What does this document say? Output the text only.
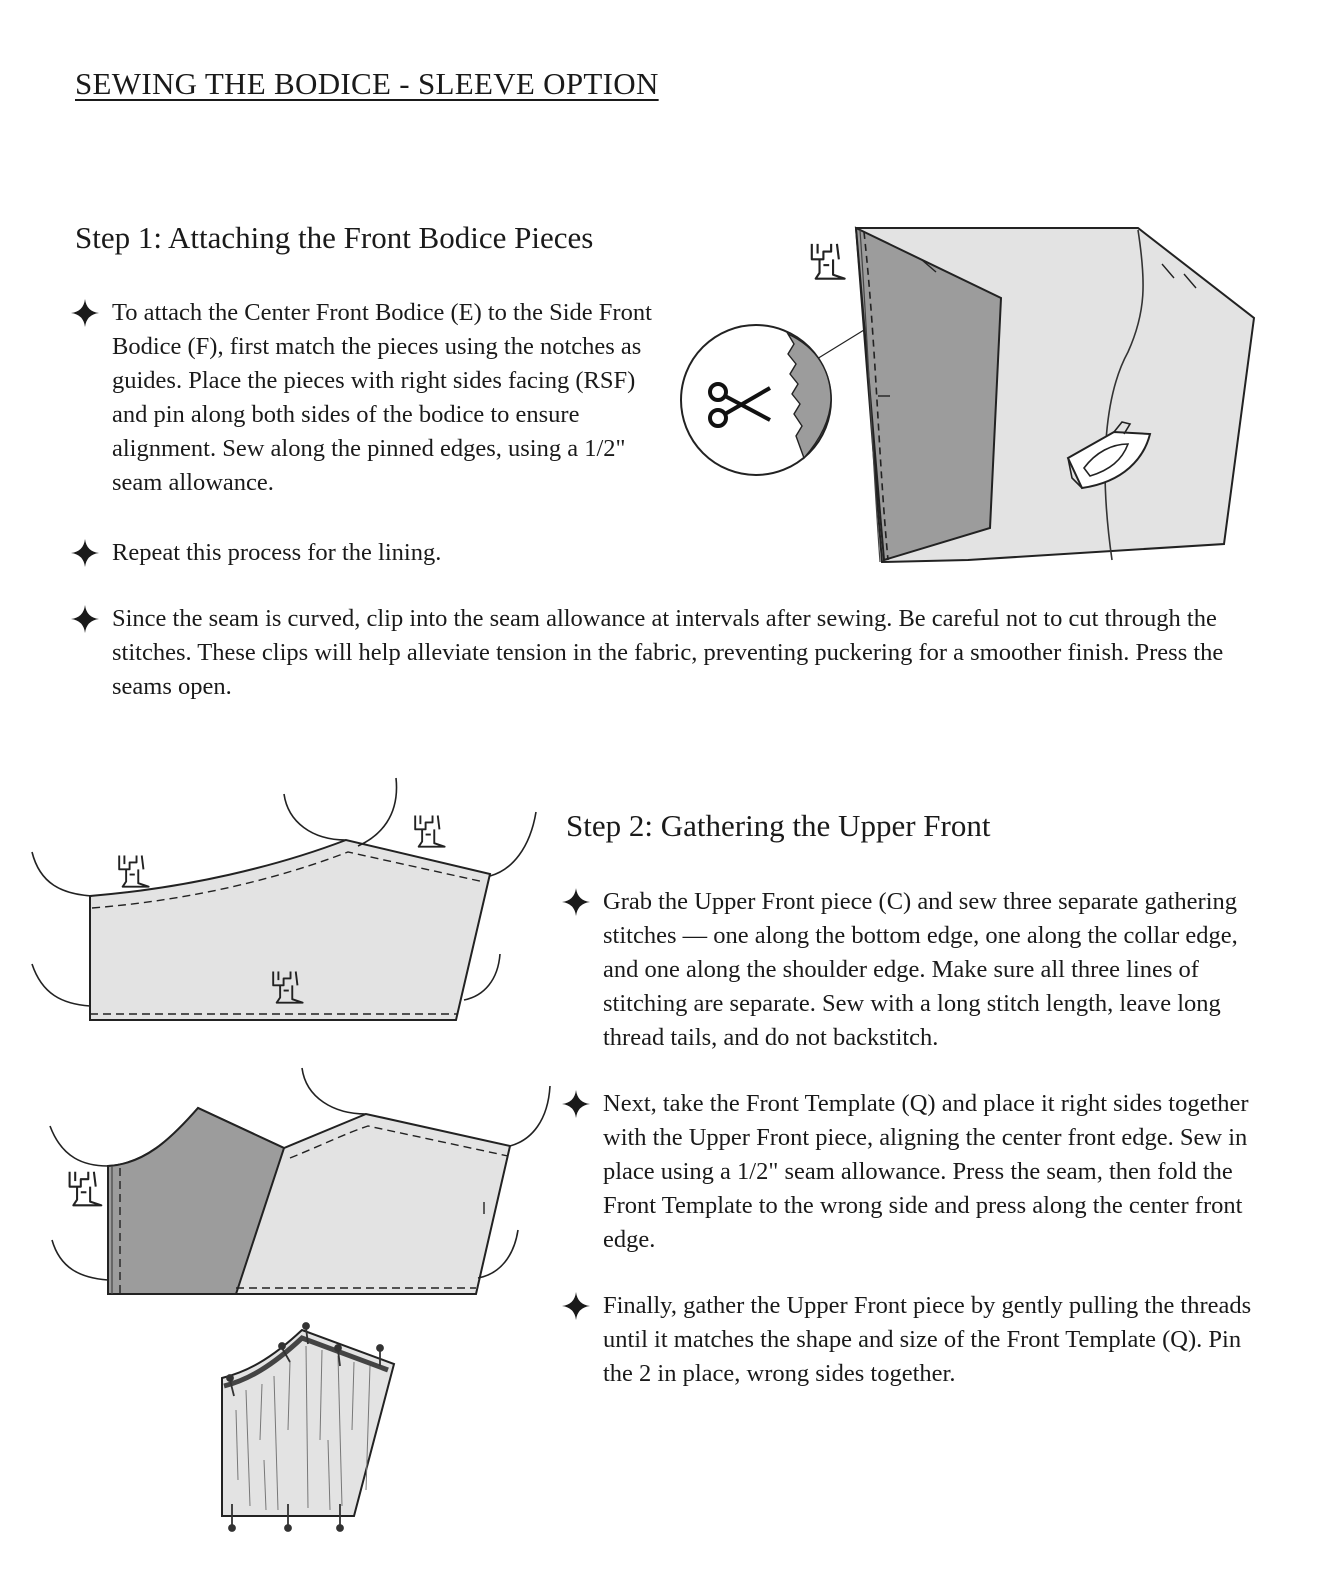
SEWING THE BODICE - SLEEVE OPTION
Step 1: Attaching the Front Bodice Pieces
To attach the Center Front Bodice (E) to the Side Front Bodice (F), first match the pieces using the notches as guides. Place the pieces with right sides facing (RSF) and pin along both sides of the bodice to ensure alignment. Sew along the pinned edges, using a 1/2" seam allowance.
Repeat this process for the lining.
Since the seam is curved, clip into the seam allowance at intervals after sewing. Be careful not to cut through the stitches. These clips will help alleviate tension in the fabric, preventing puckering for a smoother finish. Press the seams open.
Step 2: Gathering the Upper Front
Grab the Upper Front piece (C) and sew three separate gathering stitches — one along the bottom edge, one along the collar edge, and one along the shoulder edge. Make sure all three lines of stitching are separate. Sew with a long stitch length, leave long thread tails, and do not backstitch.
Next, take the Front Template (Q) and place it right sides together with the Upper Front piece, aligning the center front edge. Sew in place using a 1/2" seam allowance. Press the seam, then fold the Front Template to the wrong side and press along the center front edge.
Finally, gather the Upper Front piece by gently pulling the threads until it matches the shape and size of the Front Template (Q). Pin the 2 in place, wrong sides together.
